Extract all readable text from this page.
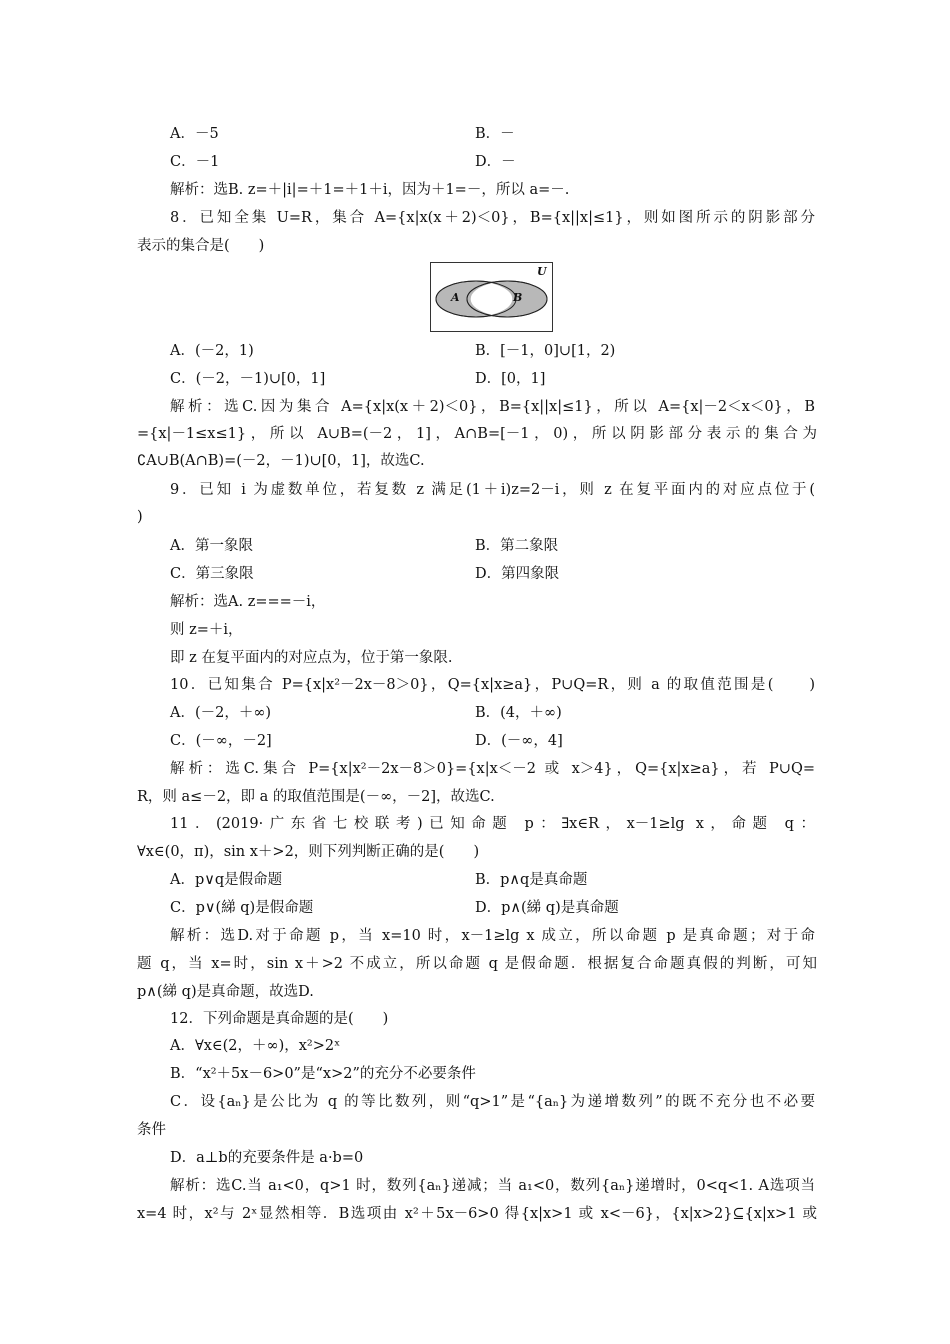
A．－5	B．－
C．－1	D．－
解析：选B. z=＋|i|=＋1=＋1＋i，因为＋1=－，所以 a=－.
8．已知全集 U=R，集合 A={x|x(x＋2)＜0}，B={x||x|≤1}，则如图所示的阴影部分
表示的集合是(　　)
U
A	B
A．(－2，1)	B．[－1，0]∪[1，2)
C．(－2，－1)∪[0，1]	D．[0，1]
解析：选C.因为集合 A={x|x(x＋2)＜0}，B={x||x|≤1}，所以 A={x|－2＜x＜0}，B
={x|－1≤x≤1}，所以 A∪B=(－2，1]，A∩B=[－1，0)，所以阴影部分表示的集合为
∁A∪B(A∩B)=(－2，－1)∪[0，1]，故选C.
9．已知 i 为虚数单位，若复数 z 满足(1＋i)z=2－i，则 z 在复平面内的对应点位于(
)
A．第一象限	B．第二象限
C．第三象限	D．第四象限
解析：选A. z===－i，
则 z=＋i，
即 z 在复平面内的对应点为，位于第一象限.
10．已知集合 P={x|x²－2x－8＞0}，Q={x|x≥a}，P∪Q=R，则 a 的取值范围是(　　)
A．(－2，＋∞)	B．(4，＋∞)
C．(－∞，－2]	D．(－∞，4]
解析：选C.集合 P={x|x²－2x－8＞0}={x|x＜－2 或 x＞4}，Q={x|x≥a}，若 P∪Q=
R，则 a≤－2，即 a 的取值范围是(－∞，－2]，故选C.
11．(2019·广东省七校联考)已知命题 p：∃x∈R，x－1≥lg x，命题 q：
∀x∈(0，π)，sin x＋>2，则下列判断正确的是(　　)
A．p∨q是假命题	B．p∧q是真命题
C．p∨(綈 q)是假命题	D．p∧(綈 q)是真命题
解析：选D.对于命题 p，当 x=10 时，x－1≥lg x 成立，所以命题 p 是真命题；对于命
题 q，当 x=时，sin x＋>2 不成立，所以命题 q 是假命题．根据复合命题真假的判断，可知
p∧(綈 q)是真命题，故选D.
12．下列命题是真命题的是(　　)
A．∀x∈(2，＋∞)，x²>2ˣ
B．“x²＋5x－6>0”是“x>2”的充分不必要条件
C．设{aₙ}是公比为 q 的等比数列，则“q>1”是“{aₙ}为递增数列”的既不充分也不必要
条件
D．a⊥b的充要条件是 a·b=0
解析：选C.当 a₁<0，q>1 时，数列{aₙ}递减；当 a₁<0，数列{aₙ}递增时，0<q<1. A选项当
x=4 时，x²与 2ˣ显然相等．B选项由 x²＋5x－6>0 得{x|x>1 或 x<－6}，{x|x>2}⊆{x|x>1 或
